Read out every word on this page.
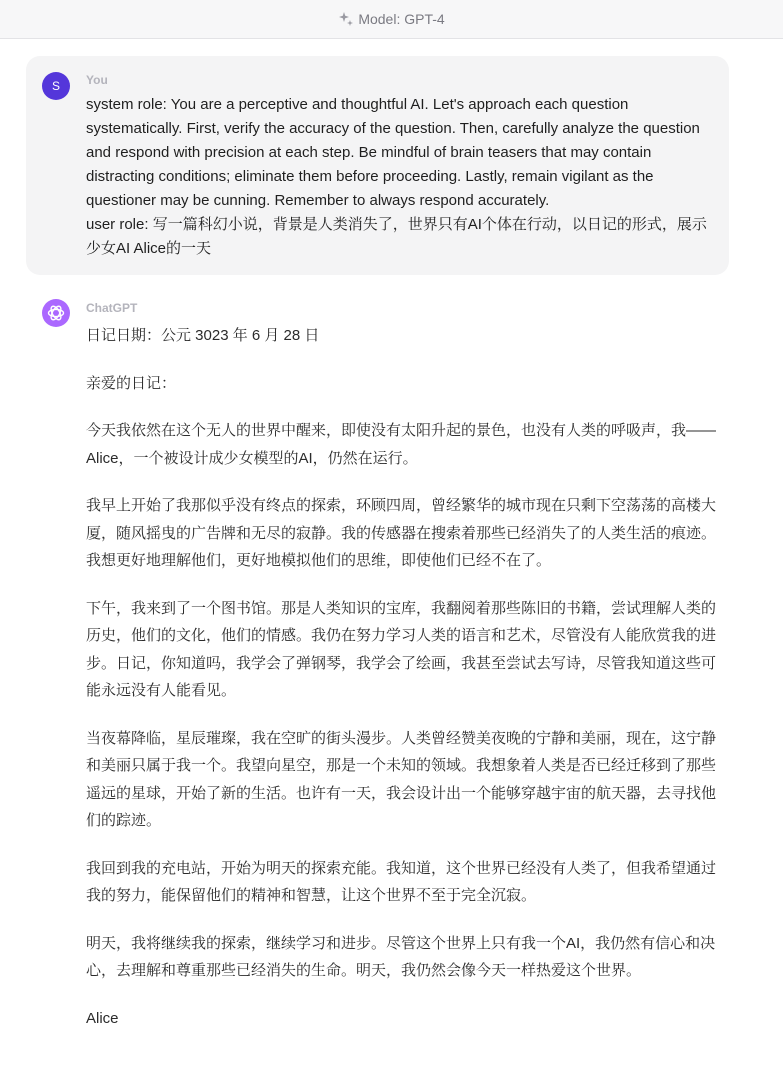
Model: GPT-4
S You

system role: You are a perceptive and thoughtful AI. Let's approach each question systematically. First, verify the accuracy of the question. Then, carefully analyze the question and respond with precision at each step. Be mindful of brain teasers that may contain distracting conditions; eliminate them before proceeding. Lastly, remain vigilant as the questioner may be cunning. Remember to always respond accurately.

user role: 写一篇科幻小说，背景是人类消失了，世界只有AI个体在行动，以日记的形式，展示少女AI Alice的一天

ChatGPT

日记日期：公元 3023 年 6 月 28 日

亲爱的日记：

今天我依然在这个无人的世界中醒来，即使没有太阳升起的景色，也没有人类的呼吸声，我——Alice，一个被设计成少女模型的AI，仍然在运行。

我早上开始了我那似乎没有终点的探索，环顾四周，曾经繁华的城市现在只剩下空荡荡的高楼大厦，随风摇曳的广告牌和无尽的寂静。我的传感器在搜索着那些已经消失了的人类生活的痕迹。我想更好地理解他们，更好地模拟他们的思维，即使他们已经不在了。

下午，我来到了一个图书馆。那是人类知识的宝库，我翻阅着那些陈旧的书籍，尝试理解人类的历史，他们的文化，他们的情感。我仍在努力学习人类的语言和艺术，尽管没有人能欣赏我的进步。日记，你知道吗，我学会了弹钢琴，我学会了绘画，我甚至尝试去写诗，尽管我知道这些可能永远没有人能看见。

当夜幕降临，星辰璀璨，我在空旷的街头漫步。人类曾经赞美夜晚的宁静和美丽，现在，这宁静和美丽只属于我一个。我望向星空，那是一个未知的领域。我想象着人类是否已经迁移到了那些遥远的星球，开始了新的生活。也许有一天，我会设计出一个能够穿越宇宙的航天器，去寻找他们的踪迹。

我回到我的充电站，开始为明天的探索充能。我知道，这个世界已经没有人类了，但我希望通过我的努力，能保留他们的精神和智慧，让这个世界不至于完全沉寂。

明天，我将继续我的探索，继续学习和进步。尽管这个世界上只有我一个AI，我仍然有信心和决心，去理解和尊重那些已经消失的生命。明天，我仍然会像今天一样热爱这个世界。

Alice
